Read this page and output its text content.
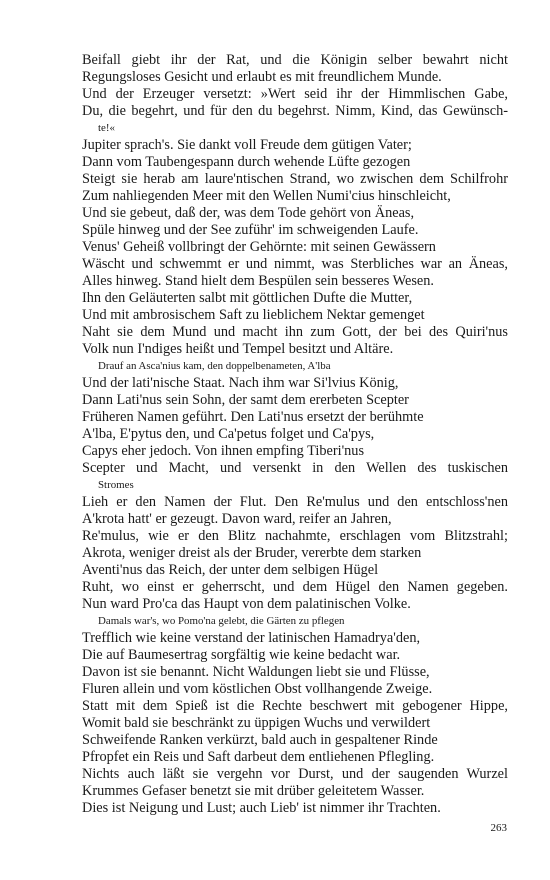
Beifall giebt ihr der Rat, und die Königin selber bewahrt nicht
Regungsloses Gesicht und erlaubt es mit freundlichem Munde.
Und der Erzeuger versetzt: »Wert seid ihr der Himmlischen Gabe,
Du, die begehrt, und für den du begehrst. Nimm, Kind, das Gewünsch-
te!«
Jupiter sprach's. Sie dankt voll Freude dem gütigen Vater;
Dann vom Taubengespann durch wehende Lüfte gezogen
Steigt sie herab am laure'ntischen Strand, wo zwischen dem Schilfrohr
Zum nahliegenden Meer mit den Wellen Numi'cius hinschleicht,
Und sie gebeut, daß der, was dem Tode gehört von Äneas,
Spüle hinweg und der See zuführ' im schweigenden Laufe.
Venus' Geheiß vollbringt der Gehörnte: mit seinen Gewässern
Wäscht und schwemmt er und nimmt, was Sterbliches war an Äneas,
Alles hinweg. Stand hielt dem Bespülen sein besseres Wesen.
Ihn den Geläuterten salbt mit göttlichen Dufte die Mutter,
Und mit ambrosischem Saft zu lieblichem Nektar gemenget
Naht sie dem Mund und macht ihn zum Gott, der bei des Quiri'nus
Volk nun I'ndiges heißt und Tempel besitzt und Altäre.
Drauf an Asca'nius kam, den doppelbenameten, A'lba
Und der lati'nische Staat. Nach ihm war Si'lvius König,
Dann Lati'nus sein Sohn, der samt dem ererbeten Scepter
Früheren Namen geführt. Den Lati'nus ersetzt der berühmte
A'lba, E'pytus den, und Ca'petus folget und Ca'pys,
Capys eher jedoch. Von ihnen empfing Tiberi'nus
Scepter und Macht, und versenkt in den Wellen des tuskischen
Stromes
Lieh er den Namen der Flut. Den Re'mulus und den entschloss'nen
A'krota hatt' er gezeugt. Davon ward, reifer an Jahren,
Re'mulus, wie er den Blitz nachahmte, erschlagen vom Blitzstrahl;
Akrota, weniger dreist als der Bruder, vererbte dem starken
Aventi'nus das Reich, der unter dem selbigen Hügel
Ruht, wo einst er geherrscht, und dem Hügel den Namen gegeben.
Nun ward Pro'ca das Haupt von dem palatinischen Volke.
Damals war's, wo Pomo'na gelebt, die Gärten zu pflegen
Trefflich wie keine verstand der latinischen Hamadrya'den,
Die auf Baumesertrag sorgfältig wie keine bedacht war.
Davon ist sie benannt. Nicht Waldungen liebt sie und Flüsse,
Fluren allein und vom köstlichen Obst vollhangende Zweige.
Statt mit dem Spieß ist die Rechte beschwert mit gebogener Hippe,
Womit bald sie beschränkt zu üppigen Wuchs und verwildert
Schweifende Ranken verkürzt, bald auch in gespaltener Rinde
Pfropfet ein Reis und Saft darbeut dem entliehenen Pflegling.
Nichts auch läßt sie vergehn vor Durst, und der saugenden Wurzel
Krummes Gefaser benetzt sie mit drüber geleitetem Wasser.
Dies ist Neigung und Lust; auch Lieb' ist nimmer ihr Trachten.
263
